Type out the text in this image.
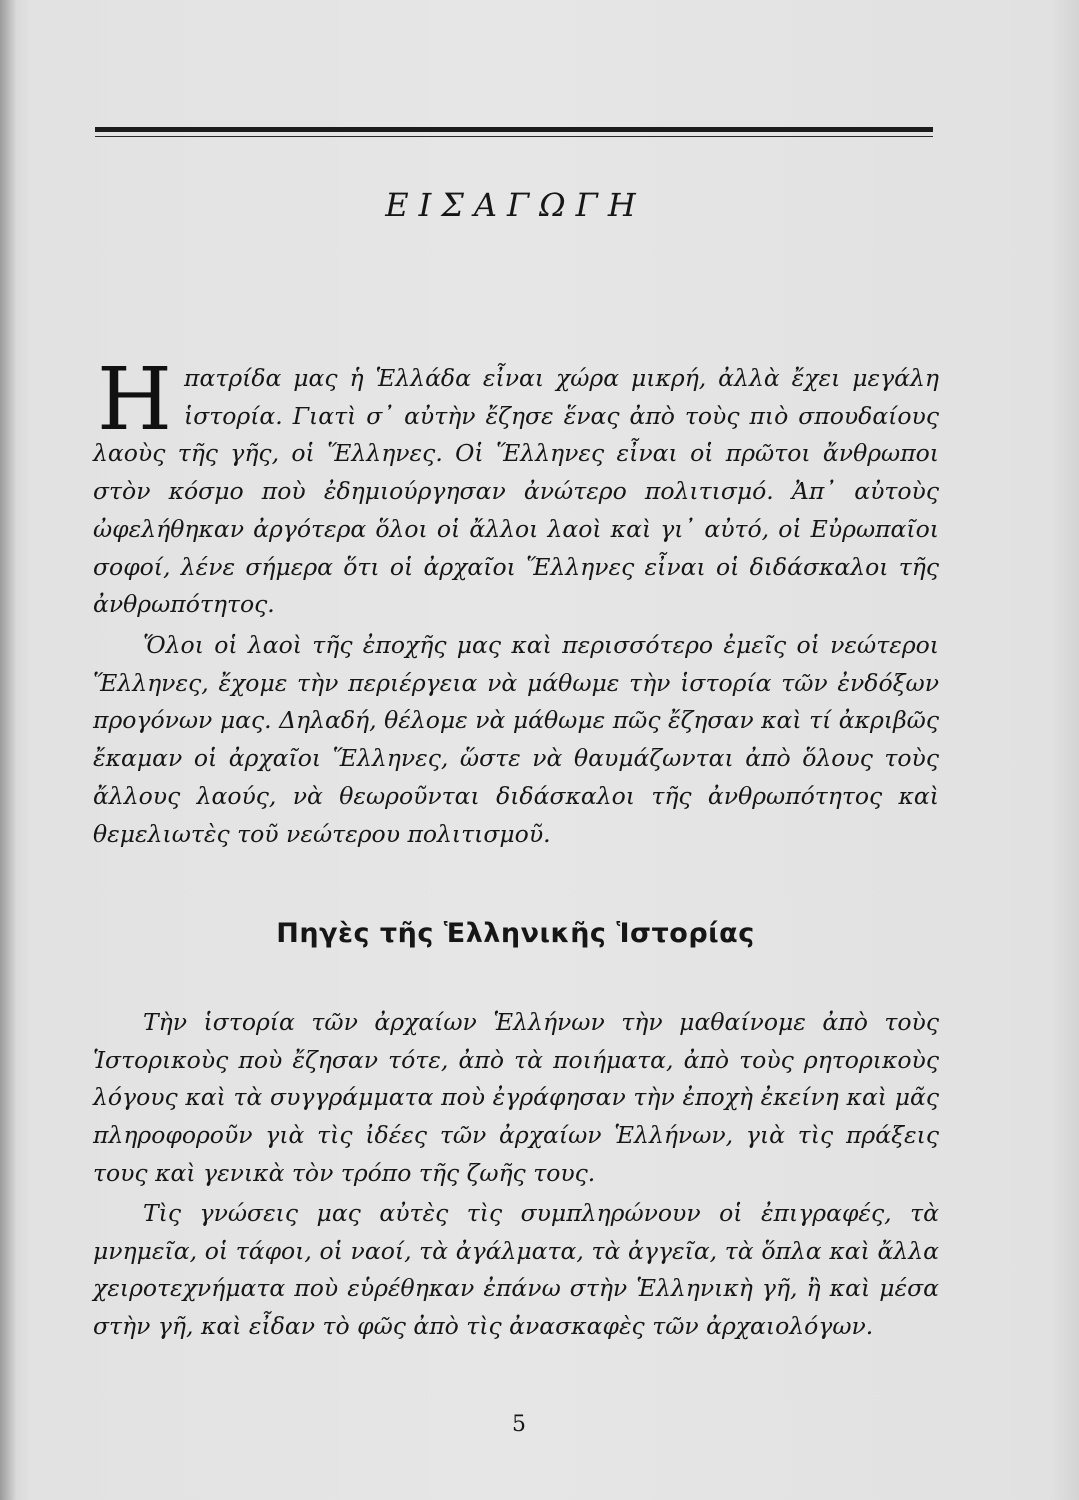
ΕΙΣΑΓΩΓΗ

Ηπατρίδα μας ἡ Ἑλλάδα εἶναι χώρα μικρή, ἀλλὰ ἔχει μεγάλη ἱστορία. Γιατὶ σ᾽ αὐτὴν ἔζησε ἕνας ἀπὸ τοὺς πιὸ σπουδαίους λαοὺς τῆς γῆς, οἱ Ἕλληνες. Οἱ Ἕλληνες εἶναι οἱ πρῶτοι ἄνθρωποι στὸν κόσμο ποὺ ἐδημιούργησαν ἀνώτερο πολιτισμό. Ἀπ᾽ αὐτοὺς ὠφελήθηκαν ἀργότερα ὅλοι οἱ ἄλλοι λαοὶ καὶ γι᾽ αὐτό, οἱ Εὐρωπαῖοι σοφοί, λένε σήμερα ὅτι οἱ ἀρχαῖοι Ἕλληνες εἶναι οἱ διδάσκαλοι τῆς ἀνθρωπότητος.

Ὅλοι οἱ λαοὶ τῆς ἐποχῆς μας καὶ περισσότερο ἐμεῖς οἱ νεώτεροι Ἕλληνες, ἔχομε τὴν περιέργεια νὰ μάθωμε τὴν ἱστορία τῶν ἐνδόξων προγόνων μας. Δηλαδή, θέλομε νὰ μάθωμε πῶς ἔζησαν καὶ τί ἀκριβῶς ἔκαμαν οἱ ἀρχαῖοι Ἕλληνες, ὥστε νὰ θαυμάζωνται ἀπὸ ὅλους τοὺς ἄλλους λαούς, νὰ θεωροῦνται διδάσκαλοι τῆς ἀνθρωπότητος καὶ θεμελιωτὲς τοῦ νεώτερου πολιτισμοῦ.

Πηγὲς τῆς Ἑλληνικῆς Ἱστορίας

Τὴν ἱστορία τῶν ἀρχαίων Ἑλλήνων τὴν μαθαίνομε ἀπὸ τοὺς Ἱστορικοὺς ποὺ ἔζησαν τότε, ἀπὸ τὰ ποιήματα, ἀπὸ τοὺς ρητορικοὺς λόγους καὶ τὰ συγγράμματα ποὺ ἐγράφησαν τὴν ἐποχὴ ἐκείνη καὶ μᾶς πληροφοροῦν γιὰ τὶς ἰδέες τῶν ἀρχαίων Ἑλλήνων, γιὰ τὶς πράξεις τους καὶ γενικὰ τὸν τρόπο τῆς ζωῆς τους.

Τὶς γνώσεις μας αὐτὲς τὶς συμπληρώνουν οἱ ἐπιγραφές, τὰ μνημεῖα, οἱ τάφοι, οἱ ναοί, τὰ ἀγάλματα, τὰ ἀγγεῖα, τὰ ὅπλα καὶ ἄλλα χειροτεχνήματα ποὺ εὑρέθηκαν ἐπάνω στὴν Ἑλληνικὴ γῆ, ἢ καὶ μέσα στὴν γῆ, καὶ εἶδαν τὸ φῶς ἀπὸ τὶς ἀνασκαφὲς τῶν ἀρχαιολόγων.

5
